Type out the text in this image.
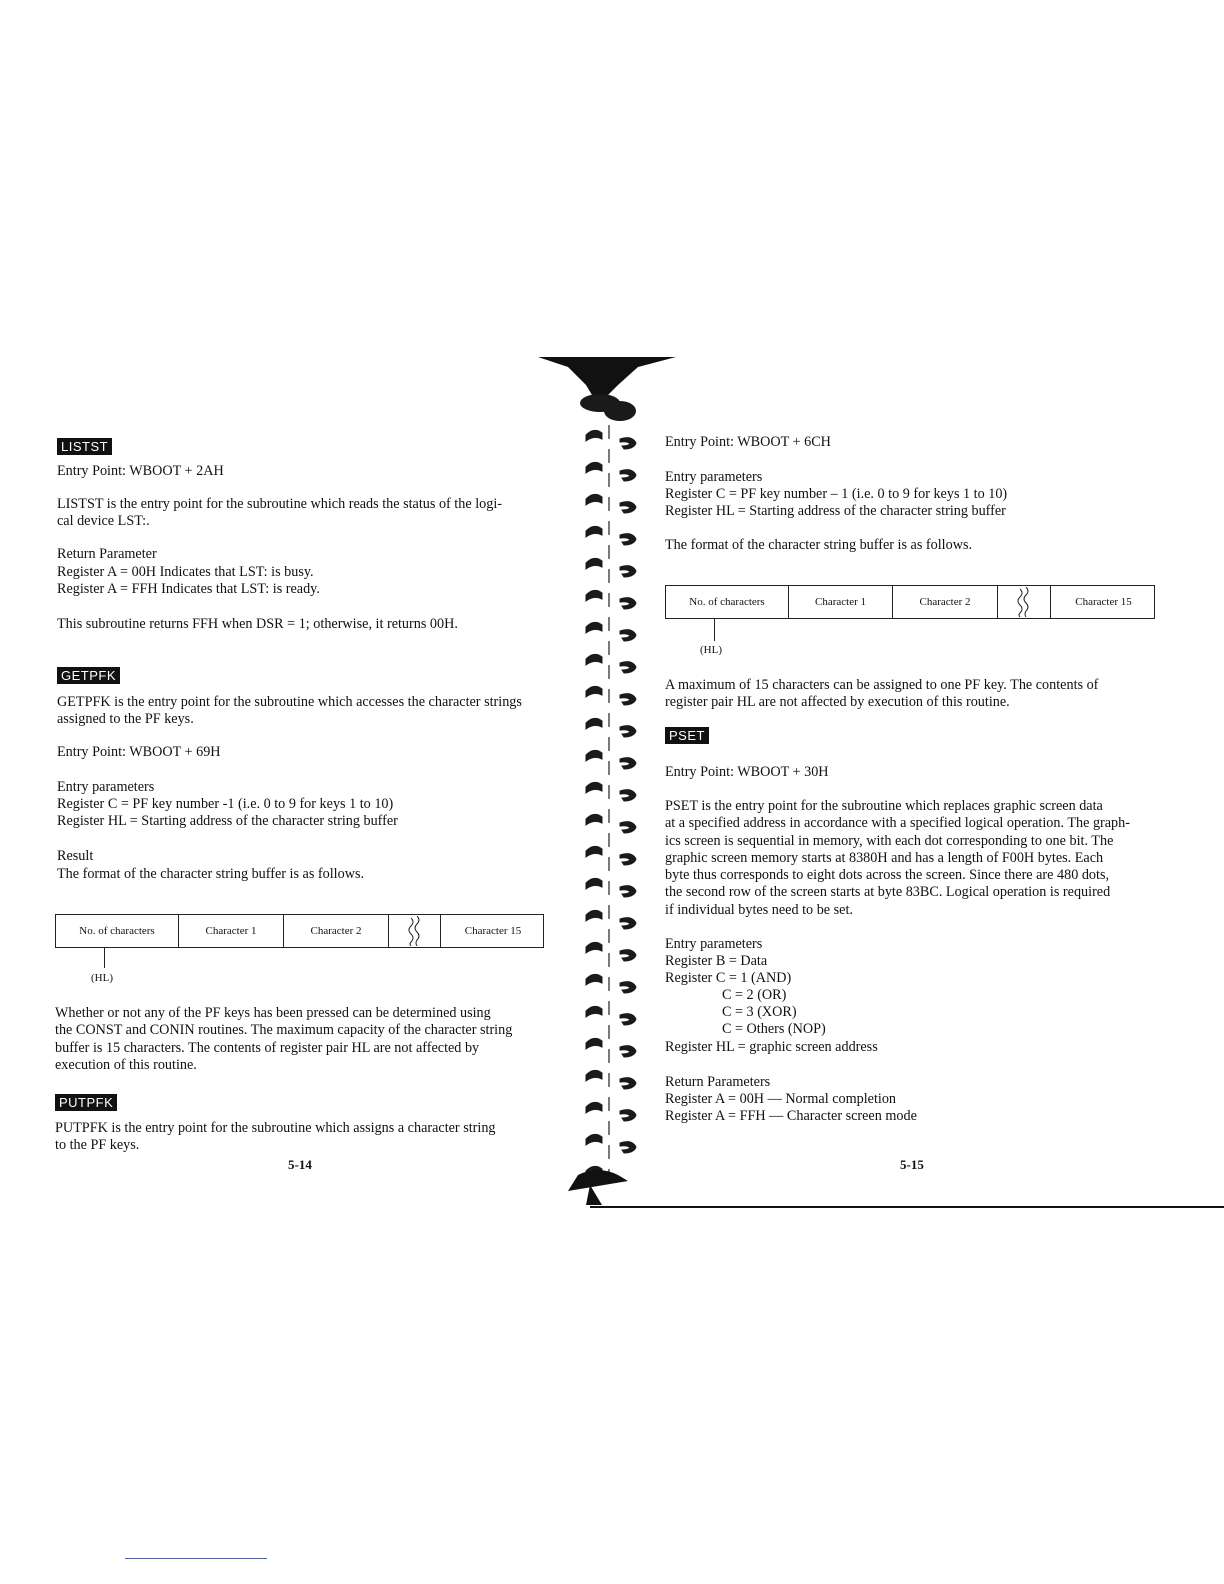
LISTST

Entry Point: WBOOT + 2AH

LISTST is the entry point for the subroutine which reads the status of the logi-
cal device LST:.

Return Parameter

Register A = 00H Indicates that LST: is busy.
Register A = FFH Indicates that LST: is ready.

This subroutine returns FFH when DSR = 1; otherwise, it returns 00H.

GETPFK

GETPFK is the entry point for the subroutine which accesses the character strings
assigned to the PF keys.

Entry Point: WBOOT + 69H

Entry parameters

Register C = PF key number -1 (i.e. 0 to 9 for keys 1 to 10)
Register HL = Starting address of the character string buffer

Result

The format of the character string buffer is as follows.

No. of characters	Character 1	Character 2	Character 15
(HL)

Whether or not any of the PF keys has been pressed can be determined using
the CONST and CONIN routines. The maximum capacity of the character string
buffer is 15 characters. The contents of register pair HL are not affected by
execution of this routine.

PUTPFK

PUTPFK is the entry point for the subroutine which assigns a character string
to the PF keys.

5-14

Entry Point: WBOOT + 6CH

Entry parameters

Register C = PF key number – 1 (i.e. 0 to 9 for keys 1 to 10)
Register HL = Starting address of the character string buffer

The format of the character string buffer is as follows.

No. of characters	Character 1	Character 2	Character 15
(HL)

A maximum of 15 characters can be assigned to one PF key. The contents of
register pair HL are not affected by execution of this routine.

PSET

Entry Point: WBOOT + 30H

PSET is the entry point for the subroutine which replaces graphic screen data
at a specified address in accordance with a specified logical operation. The graph-
ics screen is sequential in memory, with each dot corresponding to one bit. The
graphic screen memory starts at 8380H and has a length of F00H bytes. Each
byte thus corresponds to eight dots across the screen. Since there are 480 dots,
the second row of the screen starts at byte 83BC. Logical operation is required
if individual bytes need to be set.

Entry parameters

Register B = Data

Register C = 1 (AND)

C = 2 (OR)

C = 3 (XOR)

C = Others (NOP)

Register HL = graphic screen address

Return Parameters

Register A = 00H — Normal completion
Register A = FFH — Character screen mode

5-15
